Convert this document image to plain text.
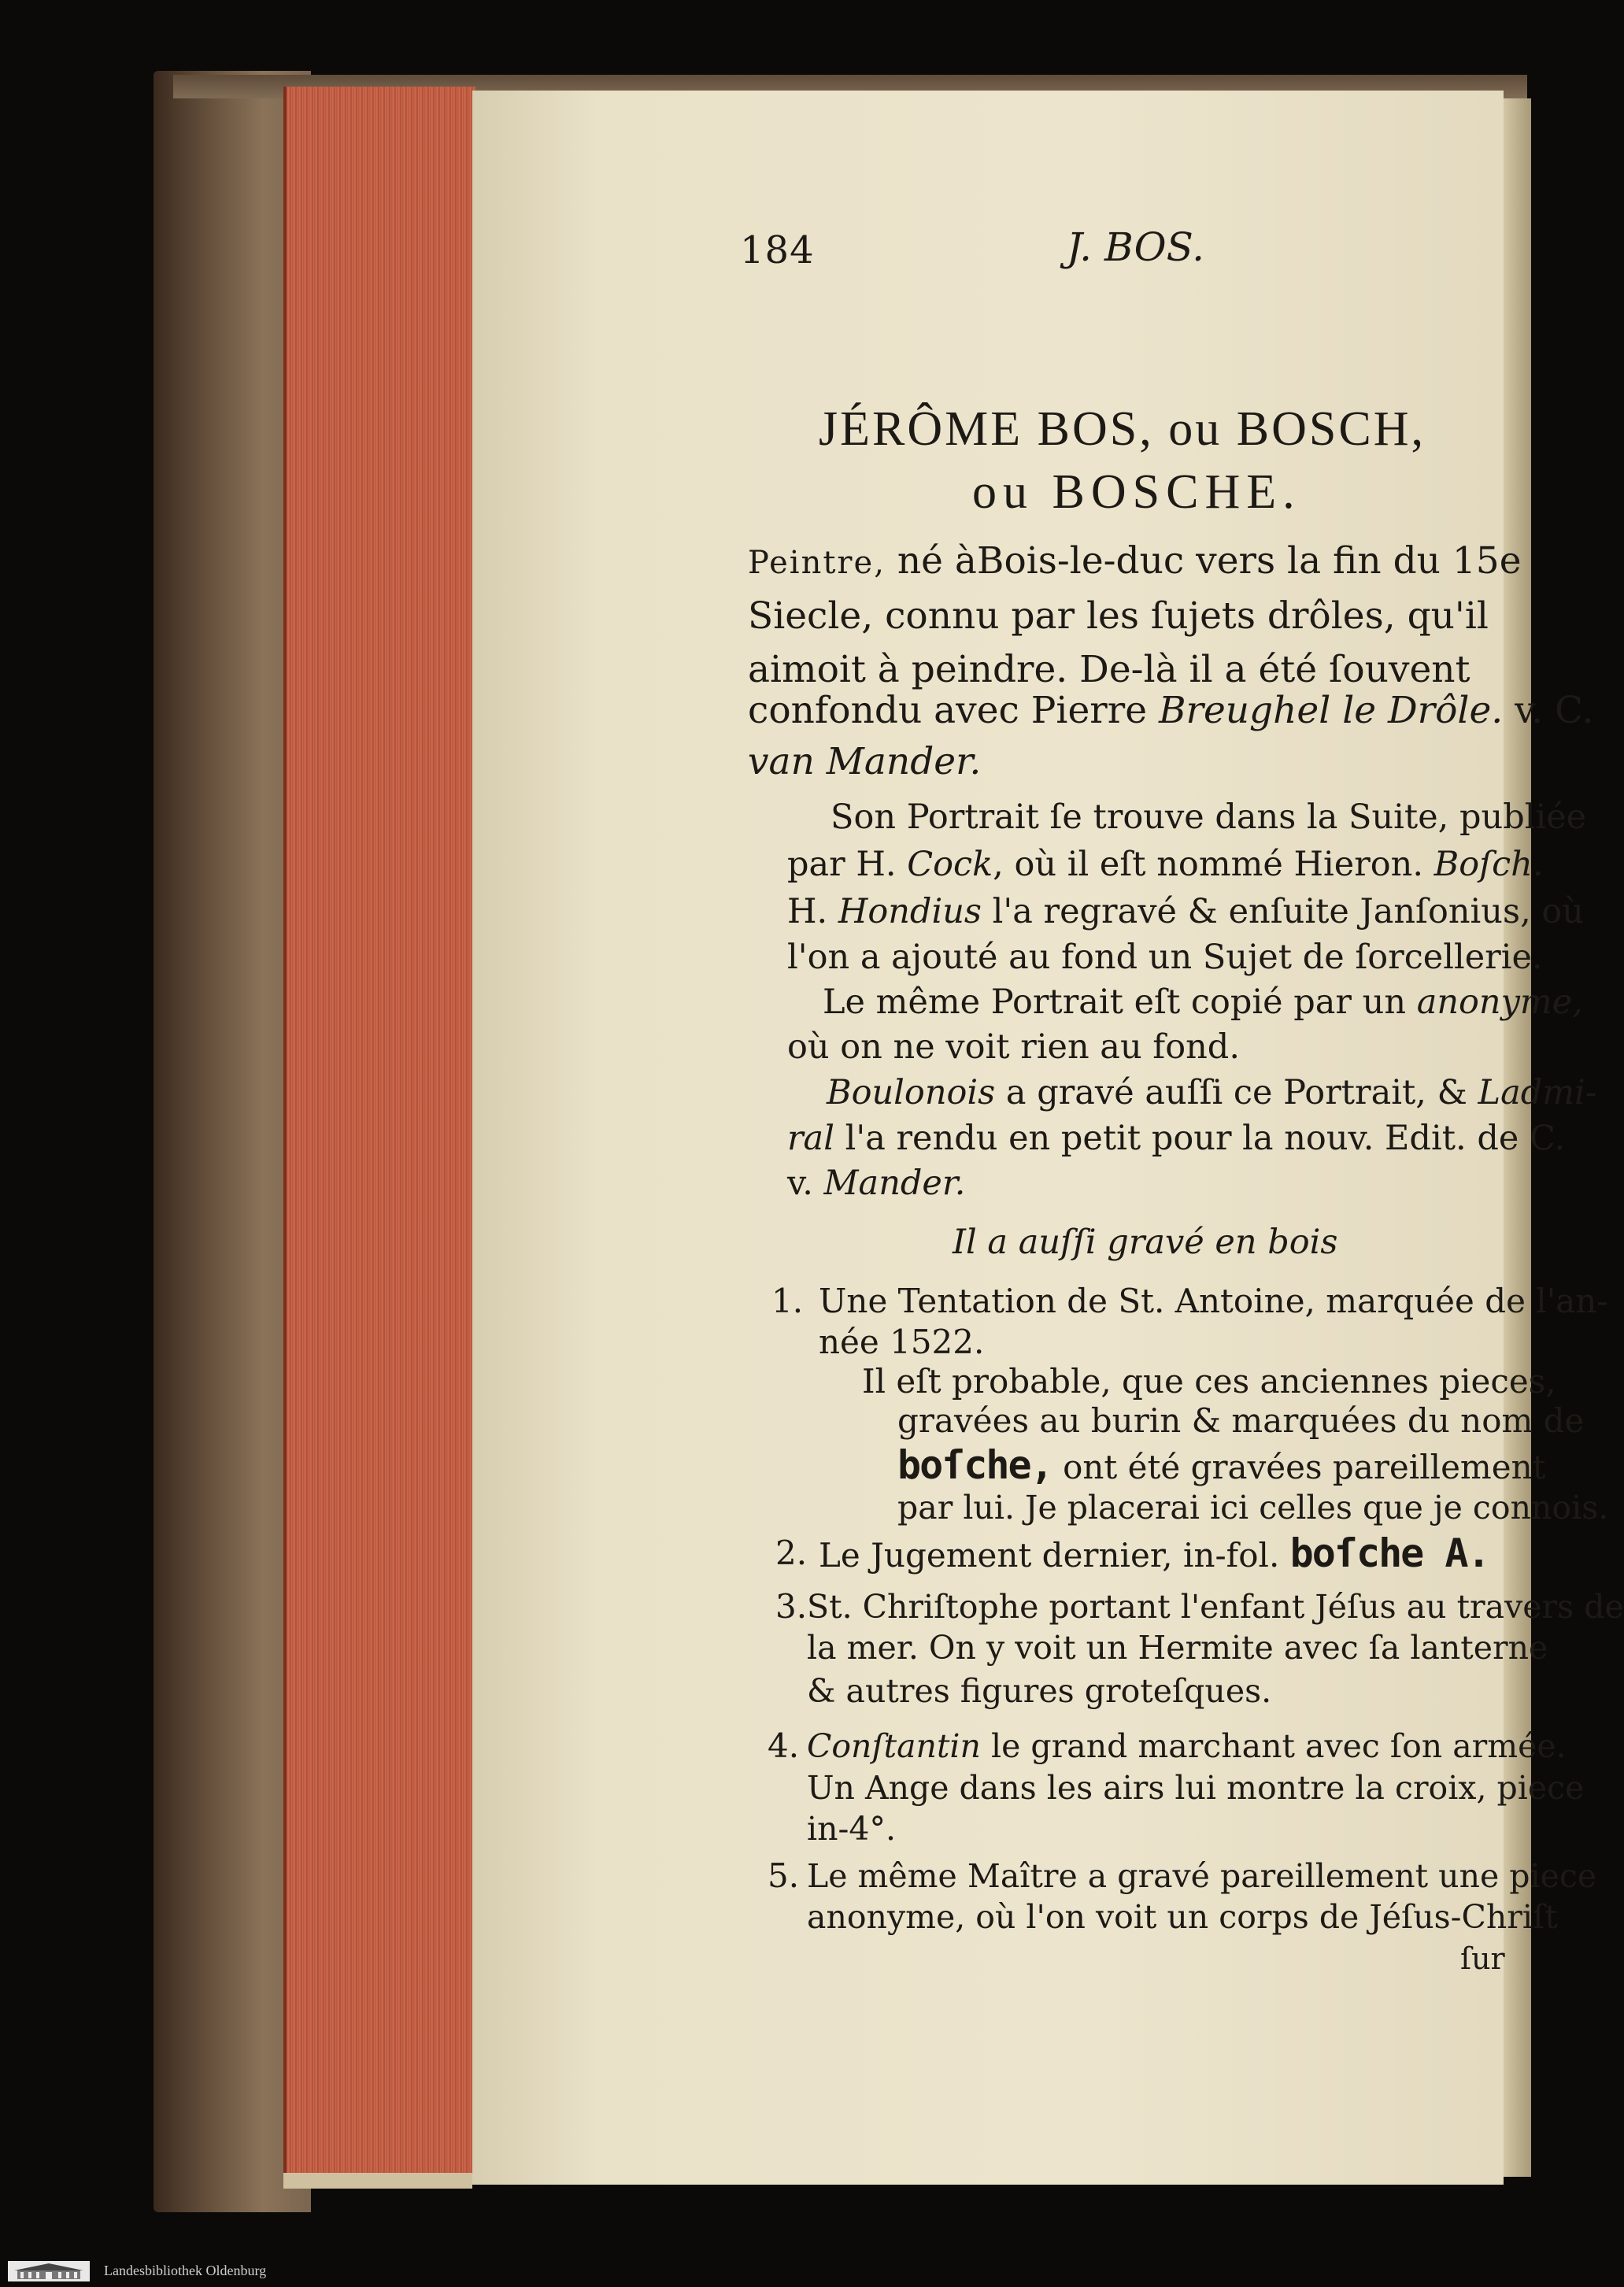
184	J. BOS.
JÉRÔME BOS, ou BOSCH,
ou BOSCHE.
Peintre, né àBois-le-duc vers la fin du 15e
Siecle, connu par les ſujets drôles, qu'il
aimoit à peindre. De-là il a été ſouvent
confondu avec Pierre Breughel le Drôle. v. C.
van Mander.
Son Portrait ſe trouve dans la Suite, publiée
par H. Cock, où il eſt nommé Hieron. Boſch.
H. Hondius l'a regravé & enſuite Janſonius, où
l'on a ajouté au fond un Sujet de ſorcellerie.
Le même Portrait eſt copié par un anonyme,
où on ne voit rien au fond.
Boulonois a gravé auſſi ce Portrait, & Ladmi-
ral l'a rendu en petit pour la nouv. Edit. de C.
v. Mander.
Il a auſſi gravé en bois
1. Une Tentation de St. Antoine, marquée de l'an-
née 1522.
Il eſt probable, que ces anciennes pieces,
gravées au burin & marquées du nom de
boſche, ont été gravées pareillement
par lui. Je placerai ici celles que je connois.
2. Le Jugement dernier, in-fol. boſche A.
3. St. Chriſtophe portant l'enfant Jéſus au travers de
la mer. On y voit un Hermite avec ſa lanterne
& autres figures groteſques.
4. Conſtantin le grand marchant avec ſon armée.
Un Ange dans les airs lui montre la croix, piece
in-4°.
5. Le même Maître a gravé pareillement une piece
anonyme, où l'on voit un corps de Jéſus-Chriſt
ſur
Landesbibliothek Oldenburg
